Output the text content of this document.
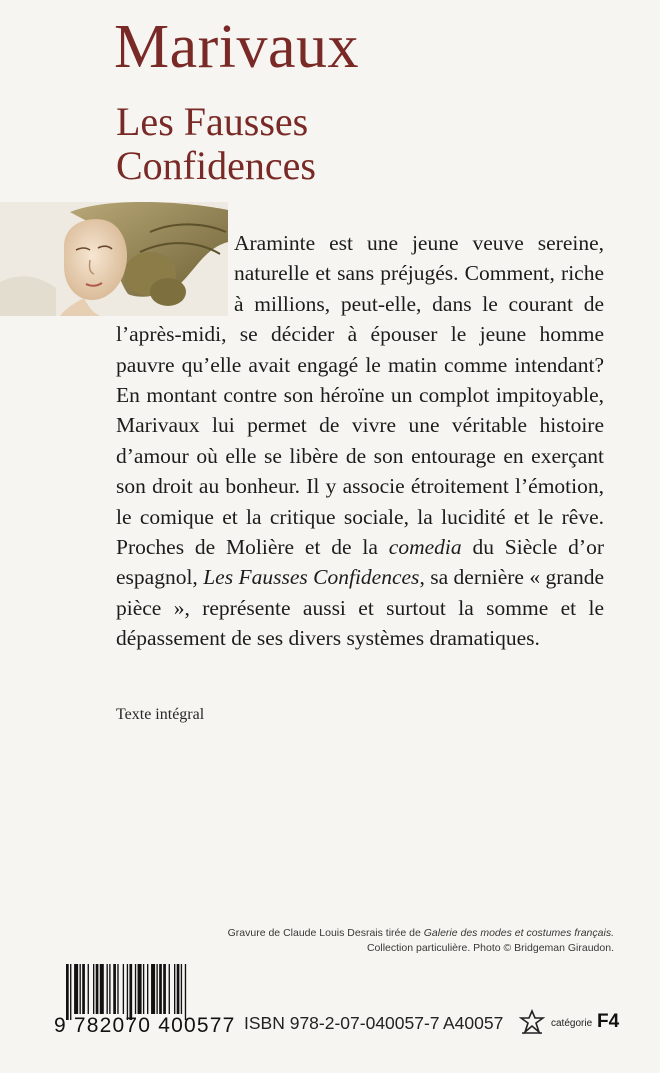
Marivaux
Les Fausses
Confidences
Araminte est une jeune veuve sereine, naturelle et sans préjugés. Comment, riche à millions, peut-elle, dans le courant de l’après-midi, se décider à épouser le jeune homme pauvre qu’elle avait engagé le matin comme intendant? En montant contre son héroïne un complot impitoyable, Marivaux lui permet de vivre une véritable histoire d’amour où elle se libère de son entourage en exerçant son droit au bonheur. Il y associe étroitement l’émotion, le comique et la critique sociale, la lucidité et le rêve. Proches de Molière et de la comedia du Siècle d’or espagnol, Les Fausses Confidences, sa dernière « grande pièce », représente aussi et surtout la somme et le dépassement de ses divers systèmes dramatiques.
Texte intégral
Gravure de Claude Louis Desrais tirée de Galerie des modes et costumes français.
Collection particulière. Photo © Bridgeman Giraudon.
9 782070 400577 ISBN 978-2-07-040057-7 A40057	catégorie F4
